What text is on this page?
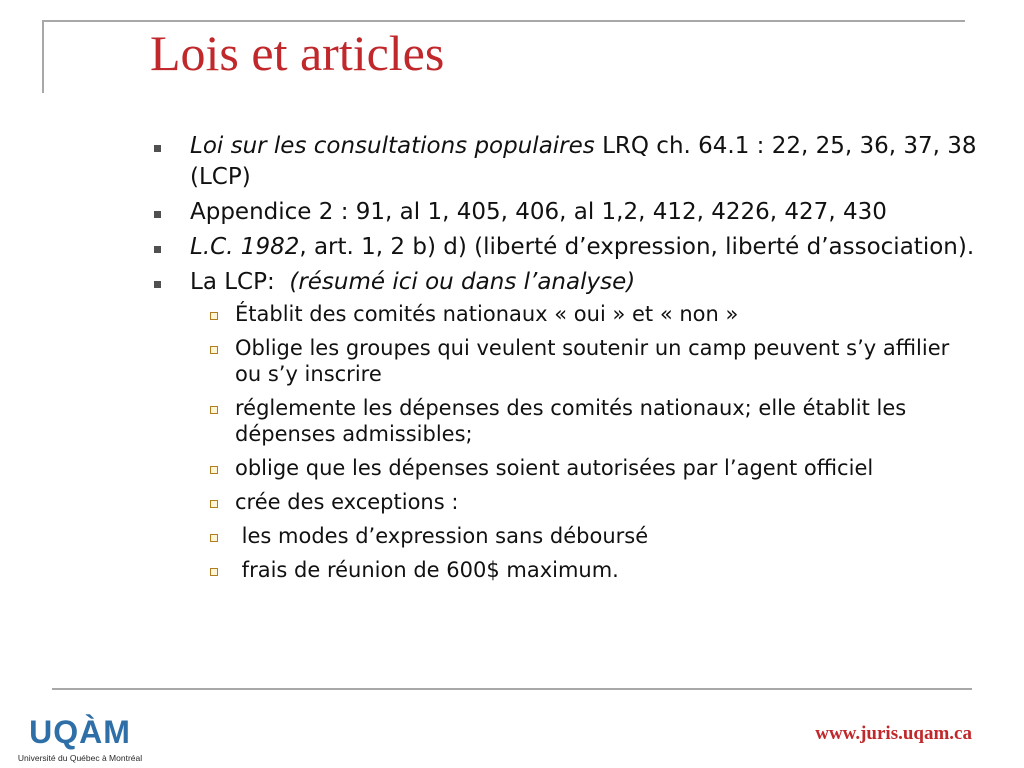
Lois et articles
Loi sur les consultations populaires LRQ ch. 64.1 : 22, 25, 36, 37, 38 (LCP)
Appendice 2 : 91, al 1, 405, 406, al 1,2, 412, 4226, 427, 430
L.C. 1982, art. 1, 2 b) d) (liberté d’expression, liberté d’association).
La LCP:  (résumé ici ou dans l’analyse)
Établit des comités nationaux « oui » et « non »
Oblige les groupes qui veulent soutenir un camp peuvent s’y affilier ou s’y inscrire
réglemente les dépenses des comités nationaux; elle établit les dépenses admissibles;
oblige que les dépenses soient autorisées par l’agent officiel
crée des exceptions :
les modes d’expression sans déboursé
frais de réunion de 600$ maximum.
UQÀM
Université du Québec à Montréal
www.juris.uqam.ca
